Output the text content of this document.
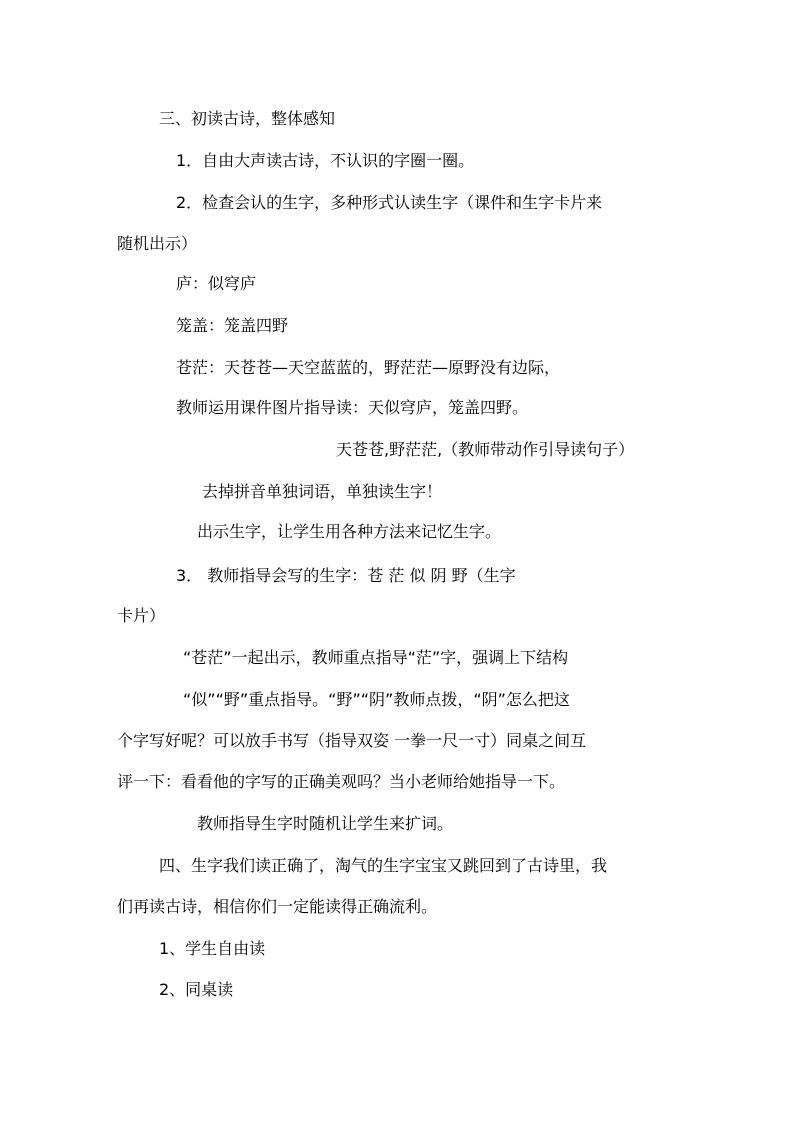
三、初读古诗，整体感知
1．自由大声读古诗，不认识的字圈一圈。
2．检查会认的生字，多种形式认读生字（课件和生字卡片来
随机出示）
庐：似穹庐
笼盖：笼盖四野
苍茫：天苍苍—天空蓝蓝的，野茫茫—原野没有边际，
教师运用课件图片指导读：天似穹庐，笼盖四野。
天苍苍,野茫茫,（教师带动作引导读句子）
去掉拼音单独词语，单独读生字！
出示生字，让学生用各种方法来记忆生字。
3． 教师指导会写的生字：苍 茫 似 阴 野（生字
卡片）
“苍茫”一起出示，教师重点指导“茫”字，强调上下结构
“似”“野”重点指导。“野”“阴”教师点拨，“阴”怎么把这
个字写好呢？可以放手书写（指导双姿 一拳一尺一寸）同桌之间互
评一下：看看他的字写的正确美观吗？当小老师给她指导一下。
教师指导生字时随机让学生来扩词。
四、生字我们读正确了，淘气的生字宝宝又跳回到了古诗里，我
们再读古诗，相信你们一定能读得正确流利。
1、学生自由读
2、同桌读
